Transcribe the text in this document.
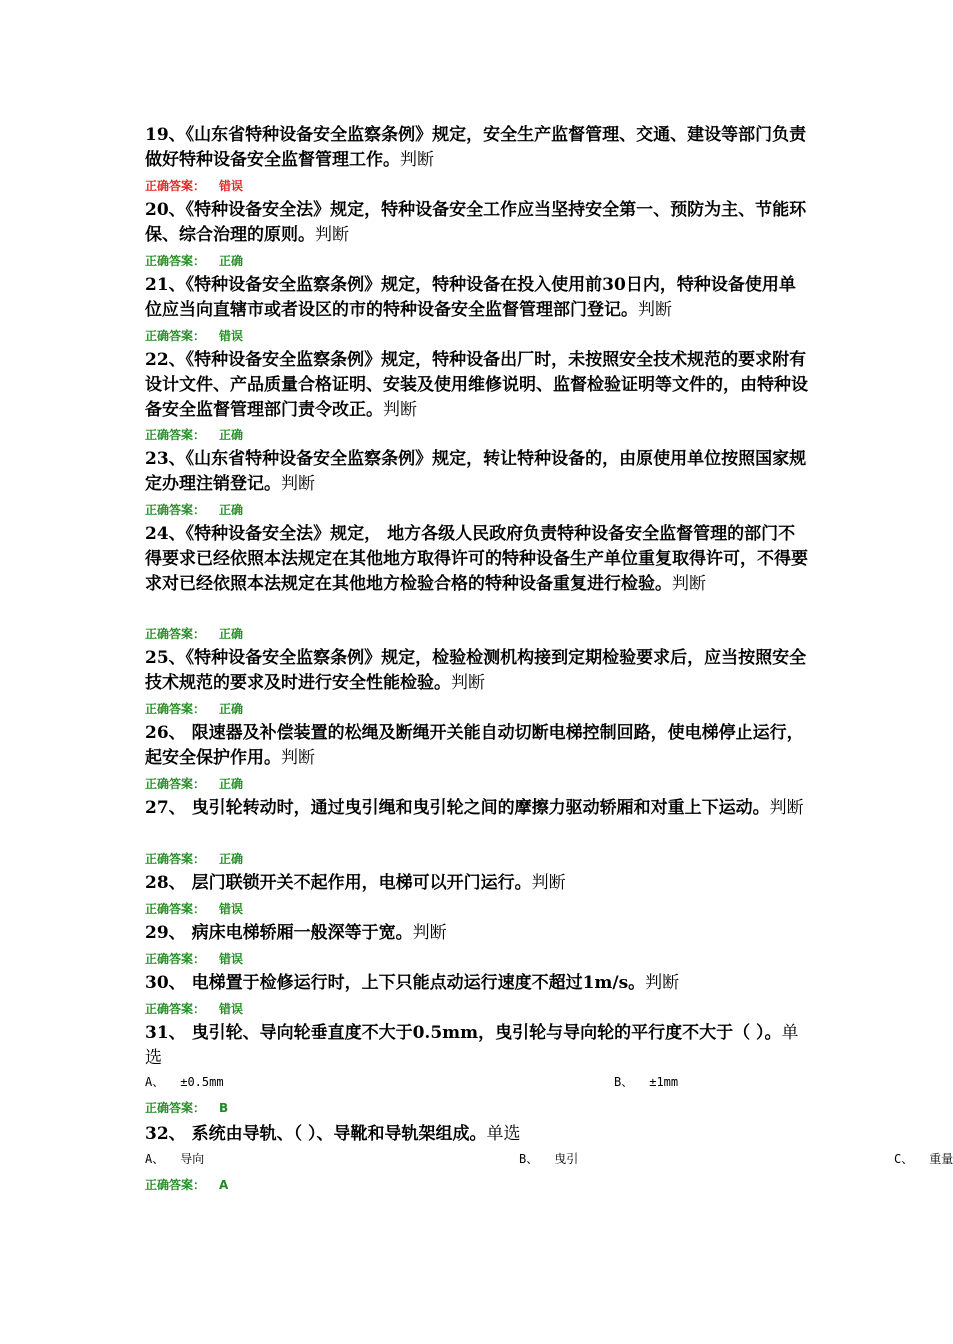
19、《山东省特种设备安全监察条例》规定，安全生产监督管理、交通、建设等部门负责做好特种设备安全监督管理工作。判断

正确答案： 错误

20、《特种设备安全法》规定，特种设备安全工作应当坚持安全第一、预防为主、节能环保、综合治理的原则。判断

正确答案： 正确

21、《特种设备安全监察条例》规定，特种设备在投入使用前30日内，特种设备使用单位应当向直辖市或者设区的市的特种设备安全监督管理部门登记。判断

正确答案： 错误

22、《特种设备安全监察条例》规定，特种设备出厂时，未按照安全技术规范的要求附有设计文件、产品质量合格证明、安装及使用维修说明、监督检验证明等文件的，由特种设备安全监督管理部门责令改正。判断

正确答案： 正确

23、《山东省特种设备安全监察条例》规定，转让特种设备的，由原使用单位按照国家规定办理注销登记。判断

正确答案： 正确

24、《特种设备安全法》规定， 地方各级人民政府负责特种设备安全监督管理的部门不得要求已经依照本法规定在其他地方取得许可的特种设备生产单位重复取得许可，不得要求对已经依照本法规定在其他地方检验合格的特种设备重复进行检验。判断

正确答案： 正确

25、《特种设备安全监察条例》规定，检验检测机构接到定期检验要求后，应当按照安全技术规范的要求及时进行安全性能检验。判断

正确答案： 正确

26、 限速器及补偿装置的松绳及断绳开关能自动切断电梯控制回路，使电梯停止运行，起安全保护作用。判断

正确答案： 正确

27、 曳引轮转动时，通过曳引绳和曳引轮之间的摩擦力驱动轿厢和对重上下运动。判断

正确答案： 正确

28、 层门联锁开关不起作用，电梯可以开门运行。判断

正确答案： 错误

29、 病床电梯轿厢一般深等于宽。判断

正确答案： 错误

30、 电梯置于检修运行时，上下只能点动运行速度不超过1m/s。判断

正确答案： 错误

31、 曳引轮、导向轮垂直度不大于0.5mm，曳引轮与导向轮的平行度不大于（ ）。单选

A、 ±0.5mm	B、 ±1mm
正确答案： B

32、 系统由导轨、（ ）、导靴和导轨架组成。单选

A、 导向	B、 曳引	C、 重量
正确答案： A
